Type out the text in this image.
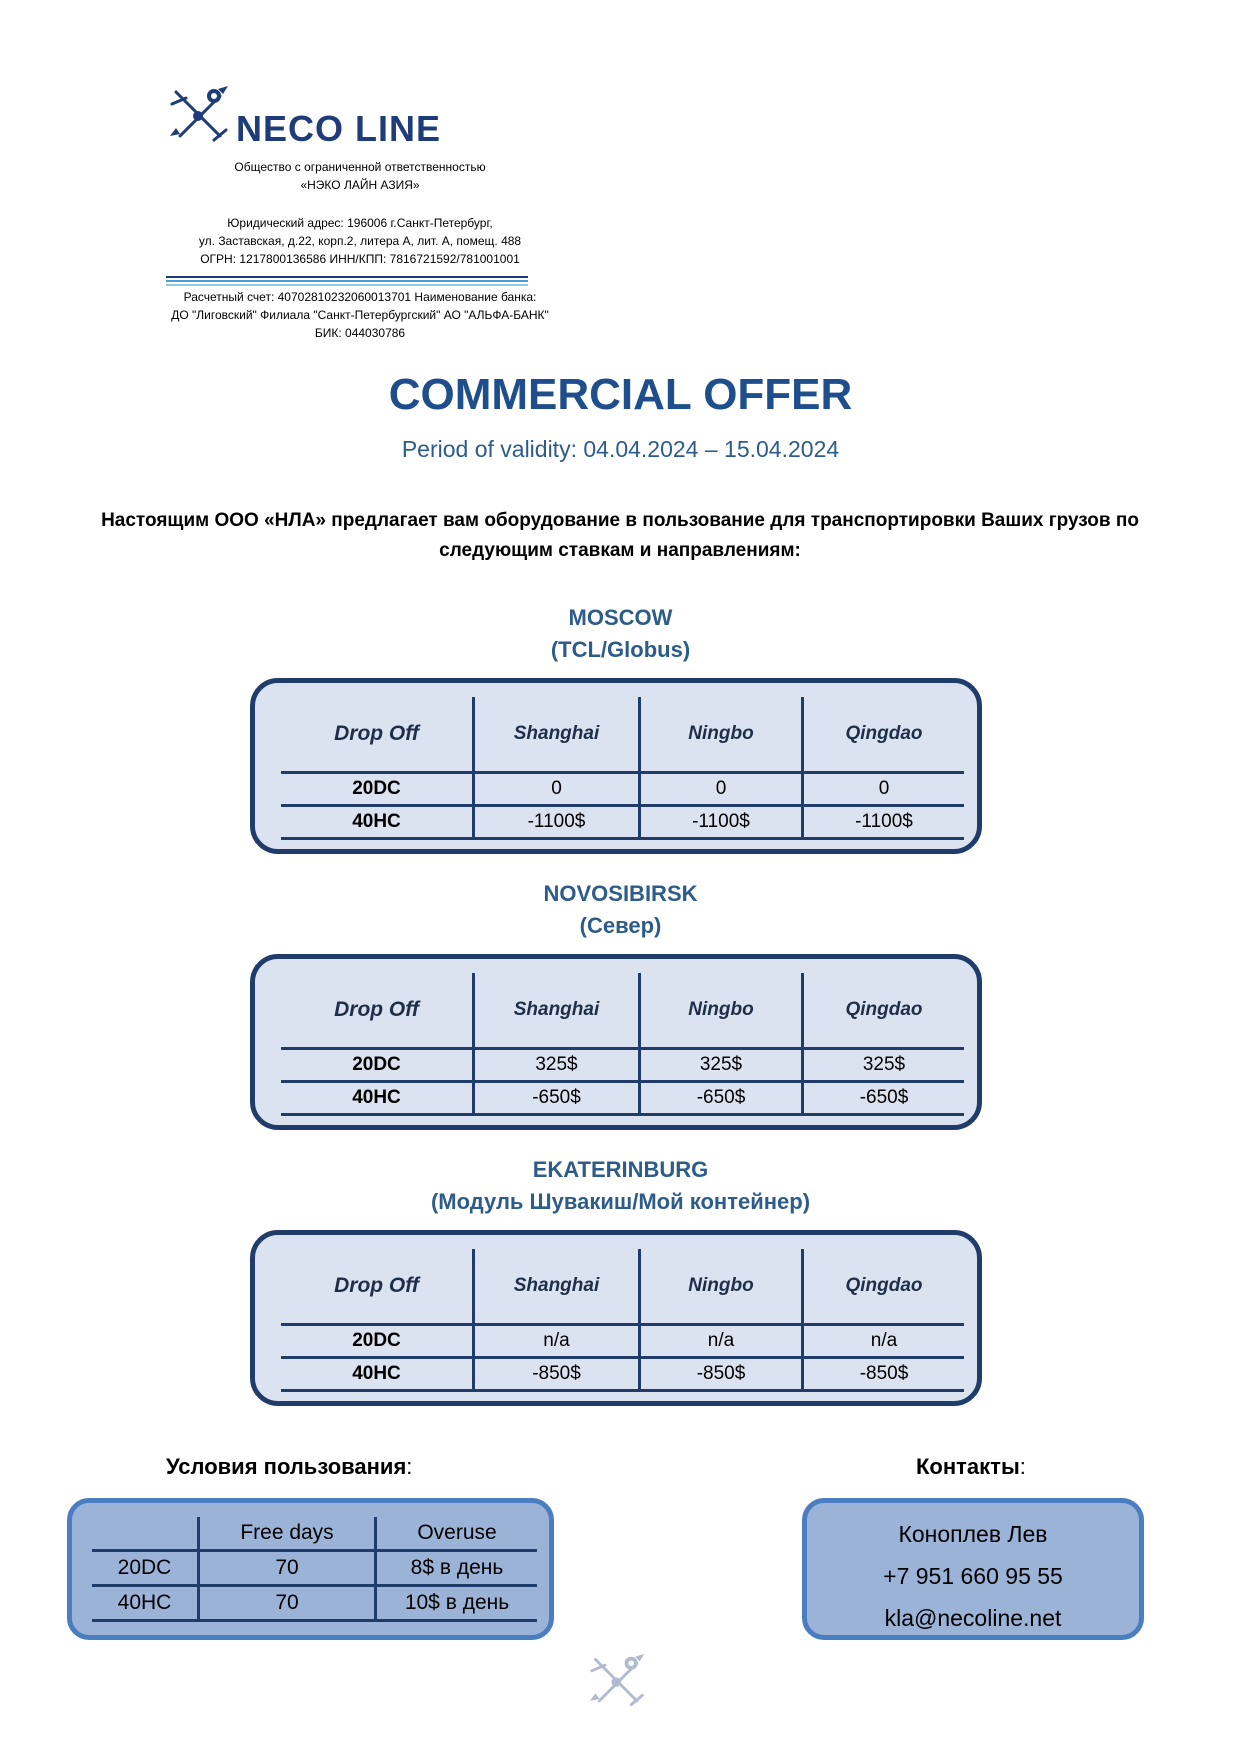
NECO LINE
Общество с ограниченной ответственностью
«НЭКО ЛАЙН АЗИЯ»
Юридический адрес: 196006 г.Санкт-Петербург,
ул. Заставская, д.22, корп.2, литера А, лит. А, помещ. 488
ОГРН: 1217800136586 ИНН/КПП: 7816721592/781001001
Расчетный счет: 40702810232060013701 Наименование банка:
ДО "Лиговский" Филиала "Санкт-Петербургский" АО "АЛЬФА-БАНК"
БИК: 044030786
COMMERCIAL OFFER
Period of validity: 04.04.2024 – 15.04.2024
Настоящим ООО «НЛА» предлагает вам оборудование в пользование для транспортировки Ваших грузов по следующим ставкам и направлениям:
MOSCOW
(TCL/Globus)
Drop Off	Shanghai	Ningbo	Qingdao
20DC	0	0	0
40HC	-1100$	-1100$	-1100$
NOVOSIBIRSK
(Север)
Drop Off	Shanghai	Ningbo	Qingdao
20DC	325$	325$	325$
40HC	-650$	-650$	-650$
EKATERINBURG
(Модуль Шувакиш/Мой контейнер)
Drop Off	Shanghai	Ningbo	Qingdao
20DC	n/a	n/a	n/a
40HC	-850$	-850$	-850$
Условия пользования:
	Free days	Overuse
20DC	70	8$ в день
40HC	70	10$ в день
Контакты:
Коноплев Лев
+7 951 660 95 55
kla@necoline.net
